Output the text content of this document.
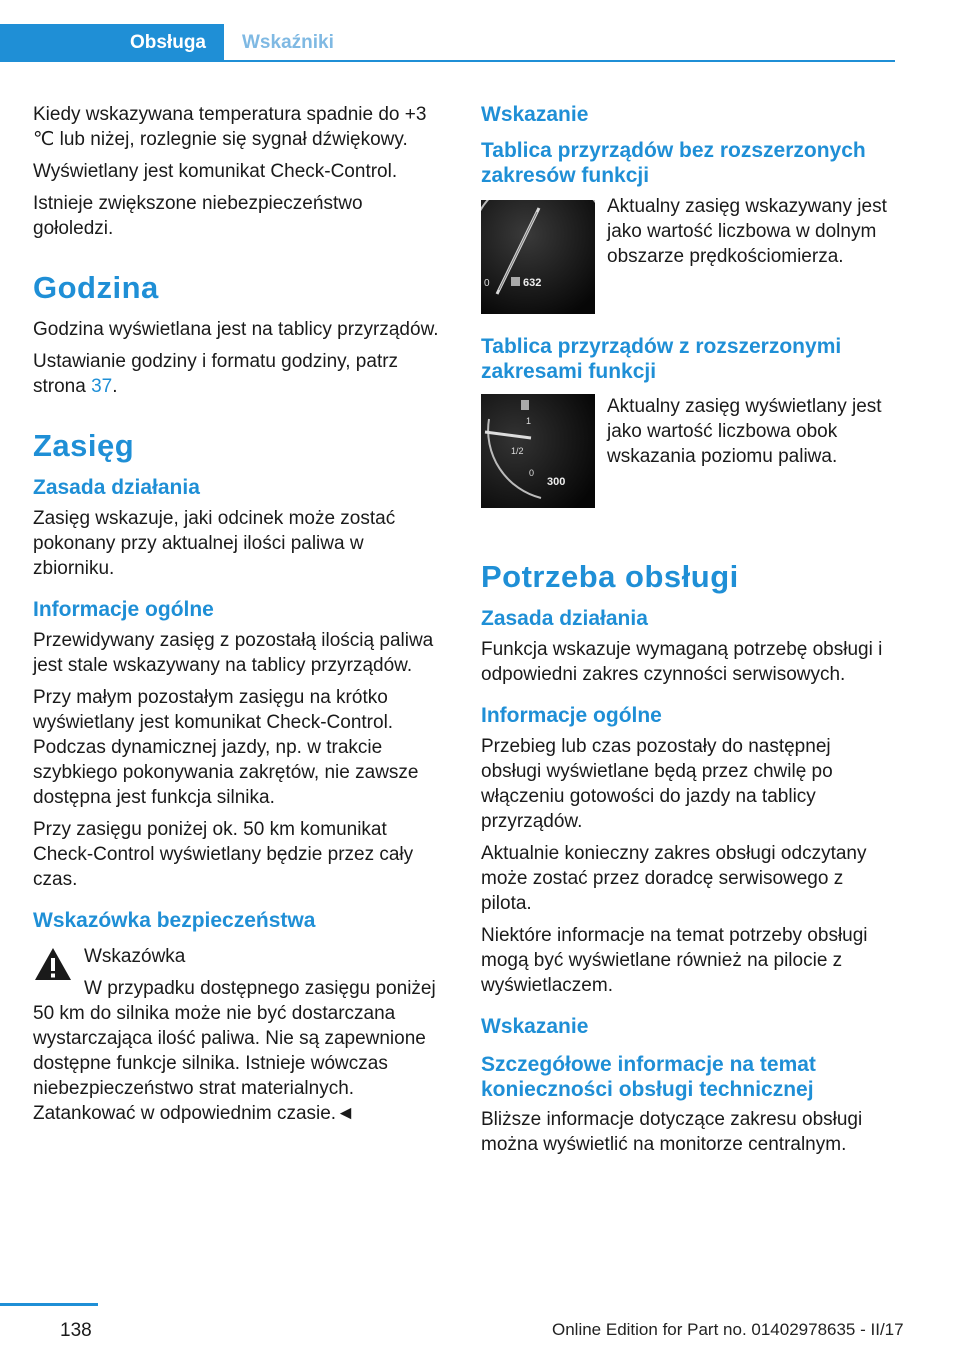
Obsługa	Wskaźniki

Kiedy wskazywana temperatura spadnie do +3 ℃ lub niżej, rozlegnie się sygnał dźwiękowy.

Wyświetlany jest komunikat Check-Control.

Istnieje zwiększone niebezpieczeństwo gołoledzi.

Godzina

Godzina wyświetlana jest na tablicy przyrządów.

Ustawianie godziny i formatu godziny, patrz strona 37.

Zasięg
Zasada działania

Zasięg wskazuje, jaki odcinek może zostać pokonany przy aktualnej ilości paliwa w zbiorniku.

Informacje ogólne

Przewidywany zasięg z pozostałą ilością paliwa jest stale wskazywany na tablicy przyrządów.

Przy małym pozostałym zasięgu na krótko wyświetlany jest komunikat Check-Control. Podczas dynamicznej jazdy, np. w trakcie szybkiego pokonywania zakrętów, nie zawsze dostępna jest funkcja silnika.

Przy zasięgu poniżej ok. 50 km komunikat Check-Control wyświetlany będzie przez cały czas.

Wskazówka bezpieczeństwa

Wskazówka

W przypadku dostępnego zasięgu poniżej 50 km do silnika może nie być dostarczana wystarczająca ilość paliwa. Nie są zapewnione dostępne funkcje silnika. Istnieje wówczas niebezpieczeństwo strat materialnych. Zatankować w odpowiednim czasie.◄

Wskazanie
Tablica przyrządów bez rozszerzonych zakresów funkcji
0	632

Aktualny zasięg wskazywany jest jako wartość liczbowa w dolnym obszarze prędkościomierza.

Tablica przyrządów z rozszerzonymi zakresami funkcji
1
1/2
0
300

Aktualny zasięg wyświetlany jest jako wartość liczbowa obok wskazania poziomu paliwa.

Potrzeba obsługi
Zasada działania

Funkcja wskazuje wymaganą potrzebę obsługi i odpowiedni zakres czynności serwisowych.

Informacje ogólne

Przebieg lub czas pozostały do następnej obsługi wyświetlane będą przez chwilę po włączeniu gotowości do jazdy na tablicy przyrządów.

Aktualnie konieczny zakres obsługi odczytany może zostać przez doradcę serwisowego z pilota.

Niektóre informacje na temat potrzeby obsługi mogą być wyświetlane również na pilocie z wyświetlaczem.

Wskazanie
Szczegółowe informacje na temat konieczności obsługi technicznej

Bliższe informacje dotyczące zakresu obsługi można wyświetlić na monitorze centralnym.

138	Online Edition for Part no. 01402978635 - II/17
